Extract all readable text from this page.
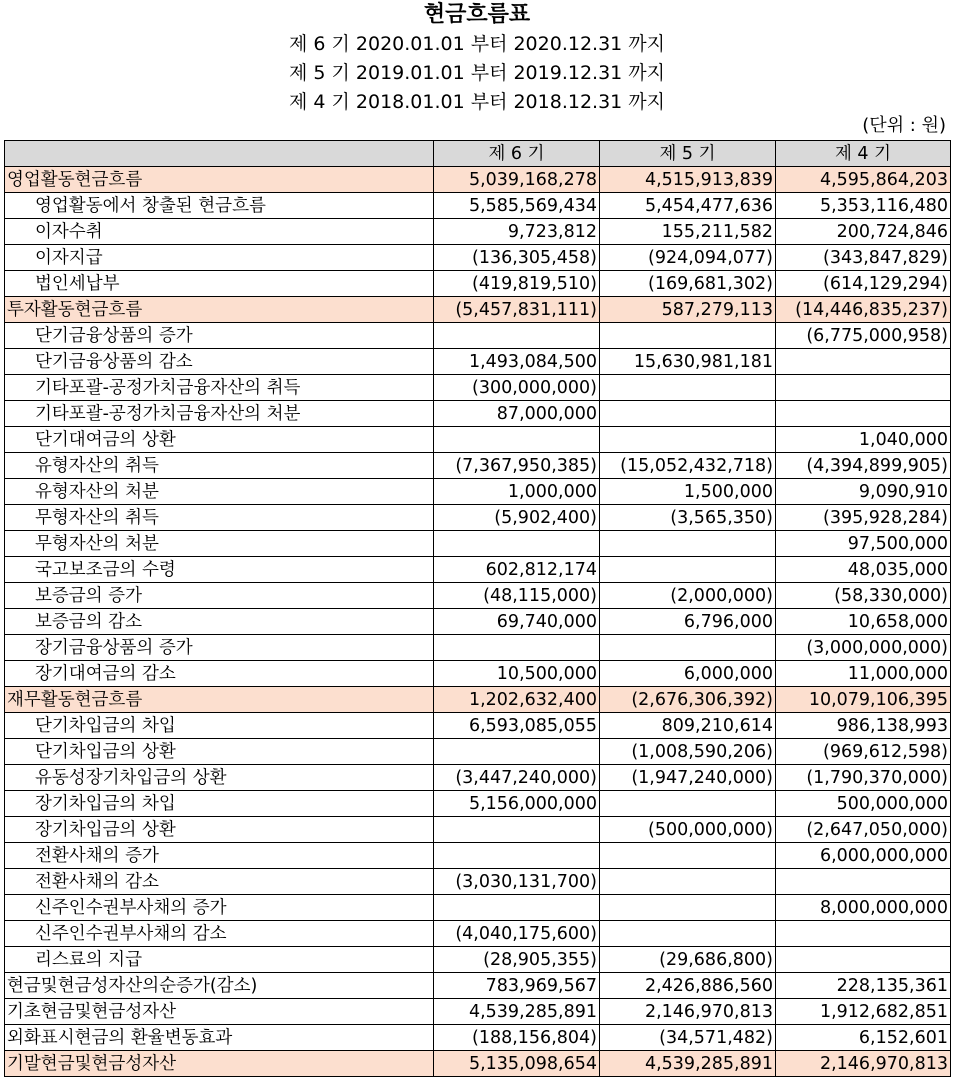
현금흐름표
제 6 기 2020.01.01 부터 2020.12.31 까지
제 5 기 2019.01.01 부터 2019.12.31 까지
제 4 기 2018.01.01 부터 2018.12.31 까지
(단위 : 원)
	제 6 기	제 5 기	제 4 기
영업활동현금흐름	5,039,168,278	4,515,913,839	4,595,864,203
영업활동에서 창출된 현금흐름	5,585,569,434	5,454,477,636	5,353,116,480
이자수취	9,723,812	155,211,582	200,724,846
이자지급	(136,305,458)	(924,094,077)	(343,847,829)
법인세납부	(419,819,510)	(169,681,302)	(614,129,294)
투자활동현금흐름	(5,457,831,111)	587,279,113	(14,446,835,237)
단기금융상품의 증가			(6,775,000,958)
단기금융상품의 감소	1,493,084,500	15,630,981,181	
기타포괄-공정가치금융자산의 취득	(300,000,000)		
기타포괄-공정가치금융자산의 처분	87,000,000		
단기대여금의 상환			1,040,000
유형자산의 취득	(7,367,950,385)	(15,052,432,718)	(4,394,899,905)
유형자산의 처분	1,000,000	1,500,000	9,090,910
무형자산의 취득	(5,902,400)	(3,565,350)	(395,928,284)
무형자산의 처분			97,500,000
국고보조금의 수령	602,812,174		48,035,000
보증금의 증가	(48,115,000)	(2,000,000)	(58,330,000)
보증금의 감소	69,740,000	6,796,000	10,658,000
장기금융상품의 증가			(3,000,000,000)
장기대여금의 감소	10,500,000	6,000,000	11,000,000
재무활동현금흐름	1,202,632,400	(2,676,306,392)	10,079,106,395
단기차입금의 차입	6,593,085,055	809,210,614	986,138,993
단기차입금의 상환		(1,008,590,206)	(969,612,598)
유동성장기차입금의 상환	(3,447,240,000)	(1,947,240,000)	(1,790,370,000)
장기차입금의 차입	5,156,000,000		500,000,000
장기차입금의 상환		(500,000,000)	(2,647,050,000)
전환사채의 증가			6,000,000,000
전환사채의 감소	(3,030,131,700)		
신주인수권부사채의 증가			8,000,000,000
신주인수권부사채의 감소	(4,040,175,600)		
리스료의 지급	(28,905,355)	(29,686,800)	
현금및현금성자산의순증가(감소)	783,969,567	2,426,886,560	228,135,361
기초현금및현금성자산	4,539,285,891	2,146,970,813	1,912,682,851
외화표시현금의 환율변동효과	(188,156,804)	(34,571,482)	6,152,601
기말현금및현금성자산	5,135,098,654	4,539,285,891	2,146,970,813
